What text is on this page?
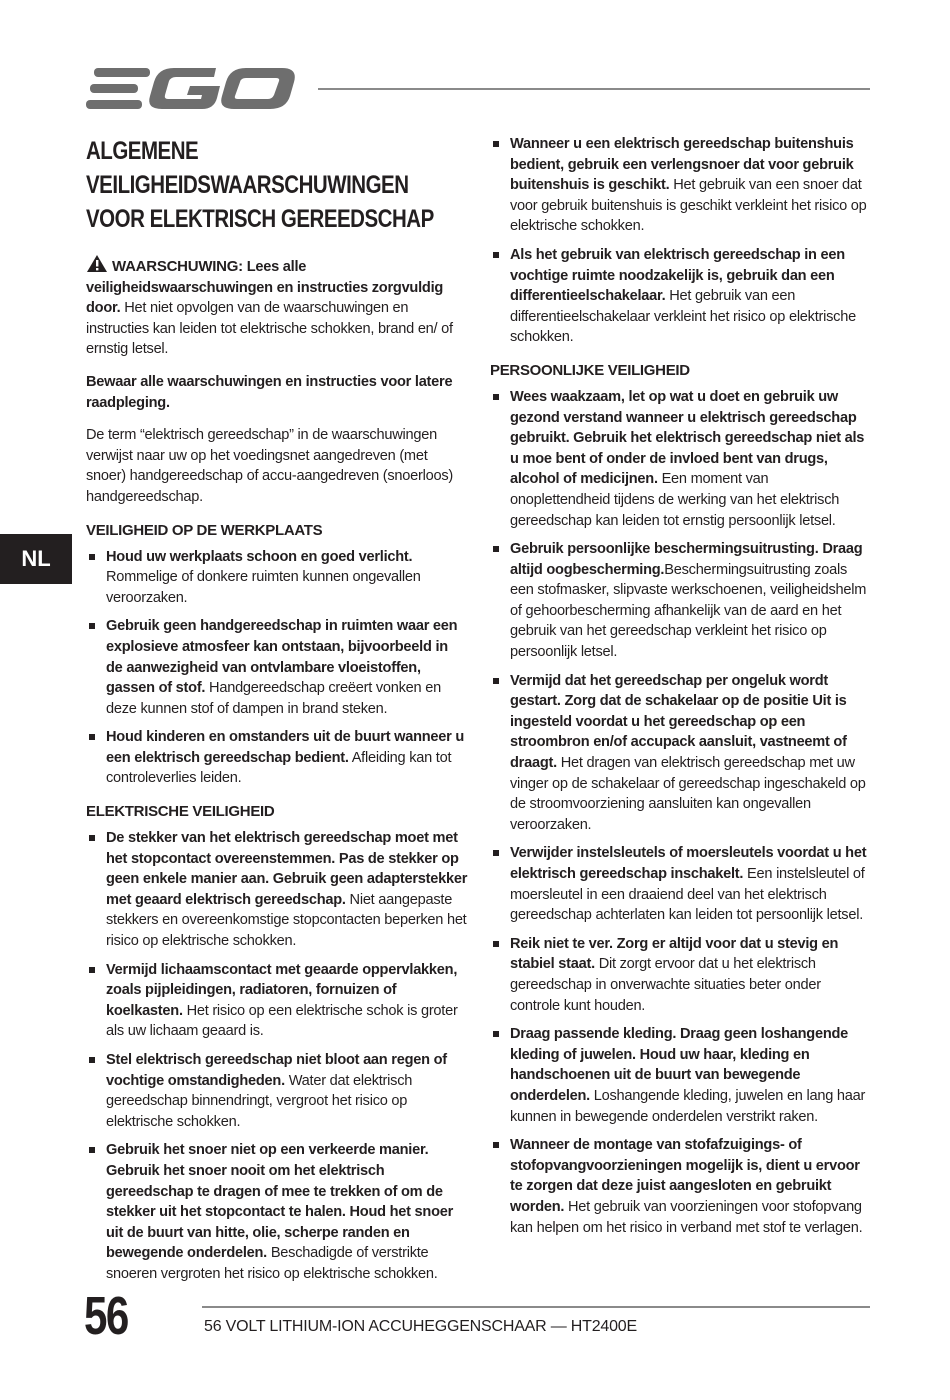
NL
ALGEMENE VEILIGHEIDSWAARSCHUWINGEN VOOR ELEKTRISCH GEREEDSCHAP

WAARSCHUWING: Lees alle veiligheidswaarschuwingen en instructies zorgvuldig door. Het niet opvolgen van de waarschuwingen en instructies kan leiden tot elektrische schokken, brand en/ of ernstig letsel.

Bewaar alle waarschuwingen en instructies voor latere raadpleging.

De term “elektrisch gereedschap” in de waarschuwingen verwijst naar uw op het voedingsnet aangedreven (met snoer) handgereedschap of accu-aangedreven (snoerloos) handgereedschap.

VEILIGHEID OP DE WERKPLAATS
Houd uw werkplaats schoon en goed verlicht. Rommelige of donkere ruimten kunnen ongevallen veroorzaken.
Gebruik geen handgereedschap in ruimten waar een explosieve atmosfeer kan ontstaan, bijvoorbeeld in de aanwezigheid van ontvlambare vloeistoffen, gassen of stof. Handgereedschap creëert vonken en deze kunnen stof of dampen in brand steken.
Houd kinderen en omstanders uit de buurt wanneer u een elektrisch gereedschap bedient. Afleiding kan tot controleverlies leiden.
ELEKTRISCHE VEILIGHEID
De stekker van het elektrisch gereedschap moet met het stopcontact overeenstemmen. Pas de stekker op geen enkele manier aan. Gebruik geen adapterstekker met geaard elektrisch gereedschap. Niet aangepaste stekkers en overeenkomstige stopcontacten beperken het risico op elektrische schokken.
Vermijd lichaamscontact met geaarde oppervlakken, zoals pijpleidingen, radiatoren, fornuizen of koelkasten. Het risico op een elektrische schok is groter als uw lichaam geaard is.
Stel elektrisch gereedschap niet bloot aan regen of vochtige omstandigheden. Water dat elektrisch gereedschap binnendringt, vergroot het risico op elektrische schokken.
Gebruik het snoer niet op een verkeerde manier. Gebruik het snoer nooit om het elektrisch gereedschap te dragen of mee te trekken of om de stekker uit het stopcontact te halen. Houd het snoer uit de buurt van hitte, olie, scherpe randen en bewegende onderdelen. Beschadigde of verstrikte snoeren vergroten het risico op elektrische schokken.
Wanneer u een elektrisch gereedschap buitenshuis bedient, gebruik een verlengsnoer dat voor gebruik buitenshuis is geschikt. Het gebruik van een snoer dat voor gebruik buitenshuis is geschikt verkleint het risico op elektrische schokken.
Als het gebruik van elektrisch gereedschap in een vochtige ruimte noodzakelijk is, gebruik dan een differentieelschakelaar. Het gebruik van een differentieelschakelaar verkleint het risico op elektrische schokken.
PERSOONLIJKE VEILIGHEID
Wees waakzaam, let op wat u doet en gebruik uw gezond verstand wanneer u elektrisch gereedschap gebruikt. Gebruik het elektrisch gereedschap niet als u moe bent of onder de invloed bent van drugs, alcohol of medicijnen. Een moment van onoplettendheid tijdens de werking van het elektrisch gereedschap kan leiden tot ernstig persoonlijk letsel.
Gebruik persoonlijke beschermingsuitrusting. Draag altijd oogbescherming.Beschermingsuitrusting zoals een stofmasker, slipvaste werkschoenen, veiligheidshelm of gehoorbescherming afhankelijk van de aard en het gebruik van het gereedschap verkleint het risico op persoonlijk letsel.
Vermijd dat het gereedschap per ongeluk wordt gestart. Zorg dat de schakelaar op de positie Uit is ingesteld voordat u het gereedschap op een stroombron en/of accupack aansluit, vastneemt of draagt. Het dragen van elektrisch gereedschap met uw vinger op de schakelaar of gereedschap ingeschakeld op de stroomvoorziening aansluiten kan ongevallen veroorzaken.
Verwijder instelsleutels of moersleutels voordat u het elektrisch gereedschap inschakelt. Een instelsleutel of moersleutel in een draaiend deel van het elektrisch gereedschap achterlaten kan leiden tot persoonlijk letsel.
Reik niet te ver. Zorg er altijd voor dat u stevig en stabiel staat. Dit zorgt ervoor dat u het elektrisch gereedschap in onverwachte situaties beter onder controle kunt houden.
Draag passende kleding. Draag geen loshangende kleding of juwelen. Houd uw haar, kleding en handschoenen uit de buurt van bewegende onderdelen. Loshangende kleding, juwelen en lang haar kunnen in bewegende onderdelen verstrikt raken.
Wanneer de montage van stofafzuigings- of stofopvangvoorzieningen mogelijk is, dient u ervoor te zorgen dat deze juist aangesloten en gebruikt worden. Het gebruik van voorzieningen voor stofopvang kan helpen om het risico in verband met stof te verlagen.
56	56 VOLT LITHIUM-ION ACCUHEGGENSCHAAR — HT2400E
